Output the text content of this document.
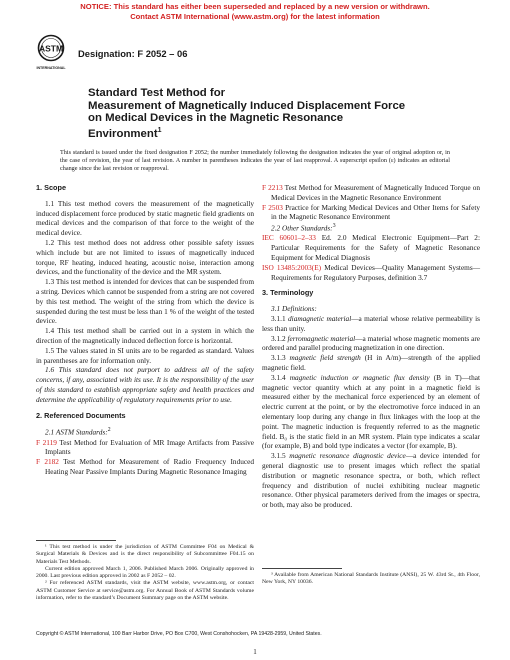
NOTICE: This standard has either been superseded and replaced by a new version or withdrawn.
Contact ASTM International (www.astm.org) for the latest information
ASTM
INTERNATIONAL
Designation: F 2052 – 06
Standard Test Method for
Measurement of Magnetically Induced Displacement Force
on Medical Devices in the Magnetic Resonance
Environment$^1$
This standard is issued under the fixed designation F 2052; the number immediately following the designation indicates the year of original adoption or, in the case of revision, the year of last revision. A number in parentheses indicates the year of last reapproval. A superscript epsilon (ε) indicates an editorial change since the last revision or reapproval.
1. Scope

1.1 This test method covers the measurement of the magnetically induced displacement force produced by static magnetic field gradients on medical devices and the comparison of that force to the weight of the medical device.

1.2 This test method does not address other possible safety issues which include but are not limited to issues of magnetically induced torque, RF heating, induced heating, acoustic noise, interaction among devices, and the functionality of the device and the MR system.

1.3 This test method is intended for devices that can be suspended from a string. Devices which cannot be suspended from a string are not covered by this test method. The weight of the string from which the device is suspended during the test must be less than 1 % of the weight of the tested device.

1.4 This test method shall be carried out in a system in which the direction of the magnetically induced deflection force is horizontal.

1.5 The values stated in SI units are to be regarded as standard. Values in parentheses are for information only.

1.6 This standard does not purport to address all of the safety concerns, if any, associated with its use. It is the responsibility of the user of this standard to establish appropriate safety and health practices and determine the applicability of regulatory requirements prior to use.

2. Referenced Documents

2.1 ASTM Standards:$^2$

F 2119 Test Method for Evaluation of MR Image Artifacts from Passive Implants

F 2182 Test Method for Measurement of Radio Frequency Induced Heating Near Passive Implants During Magnetic Resonance Imaging

F 2213 Test Method for Measurement of Magnetically Induced Torque on Medical Devices in the Magnetic Resonance Environment

F 2503 Practice for Marking Medical Devices and Other Items for Safety in the Magnetic Resonance Environment

2.2 Other Standards:$^3$

IEC 60601–2–33 Ed. 2.0 Medical Electronic Equipment—Part 2: Particular Requirements for the Safety of Magnetic Resonance Equipment for Medical Diagnosis

ISO 13485:2003(E) Medical Devices—Quality Management Systems—Requirements for Regulatory Purposes, definition 3.7

3. Terminology

3.1 Definitions:

3.1.1 diamagnetic material—a material whose relative permeability is less than unity.

3.1.2 ferromagnetic material—a material whose magnetic moments are ordered and parallel producing magnetization in one direction.

3.1.3 magnetic field strength (H in A/m)—strength of the applied magnetic field.

3.1.4 magnetic induction or magnetic flux density (B in T)—that magnetic vector quantity which at any point in a magnetic field is measured either by the mechanical force experienced by an element of electric current at the point, or by the electromotive force induced in an elementary loop during any change in flux linkages with the loop at the point. The magnetic induction is frequently referred to as the magnetic field. B₀ is the static field in an MR system. Plain type indicates a scalar (for example, B) and bold type indicates a vector (for example, B).

3.1.5 magnetic resonance diagnostic device—a device intended for general diagnostic use to present images which reflect the spatial distribution or magnetic resonance spectra, or both, which reflect frequency and distribution of nuclei exhibiting nuclear magnetic resonance. Other physical parameters derived from the images or spectra, or both, may also be produced.

¹ This test method is under the jurisdiction of ASTM Committee F04 on Medical & Surgical Materials & Devices and is the direct responsibility of Subcommittee F04.15 on Materials Test Methods.

Current edition approved March 1, 2006. Published March 2006. Originally approved in 2000. Last previous edition approved in 2002 as F 2052 – 02.

² For referenced ASTM standards, visit the ASTM website, www.astm.org, or contact ASTM Customer Service at service@astm.org. For Annual Book of ASTM Standards volume information, refer to the standard’s Document Summary page on the ASTM website.

³ Available from American National Standards Institute (ANSI), 25 W. 43rd St., 4th Floor, New York, NY 10036.

Copyright © ASTM International, 100 Barr Harbor Drive, PO Box C700, West Conshohocken, PA 19428-2959, United States.
1
